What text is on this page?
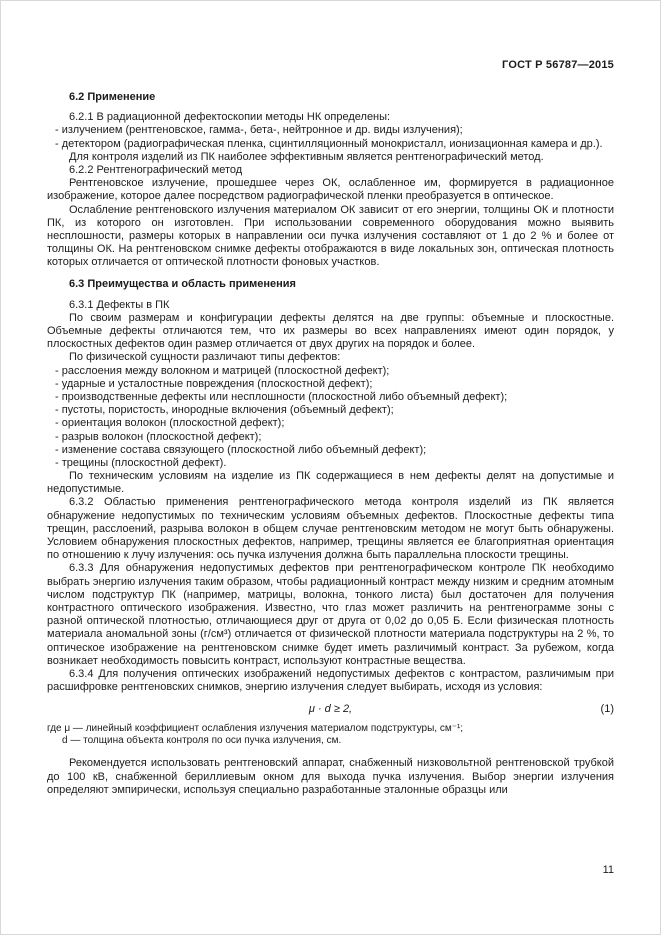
ГОСТ Р 56787—2015

6.2 Применение

6.2.1 В радиационной дефектоскопии методы НК определены:

- излучением (рентгеновское, гамма-, бета-, нейтронное и др. виды излучения);

- детектором (радиографическая пленка, сцинтилляционный монокристалл, ионизационная камера и др.).

Для контроля изделий из ПК наиболее эффективным является рентгенографический метод.

6.2.2 Рентгенографический метод

Рентгеновское излучение, прошедшее через ОК, ослабленное им, формируется в радиационное изображение, которое далее посредством радиографической пленки преобразуется в оптическое.

Ослабление рентгеновского излучения материалом ОК зависит от его энергии, толщины ОК и плотности ПК, из которого он изготовлен. При использовании современного оборудования можно выявить несплошности, размеры которых в направлении оси пучка излучения составляют от 1 до 2 % и более от толщины ОК. На рентгеновском снимке дефекты отображаются в виде локальных зон, оптическая плотность которых отличается от оптической плотности фоновых участков.

6.3 Преимущества и область применения

6.3.1 Дефекты в ПК

По своим размерам и конфигурации дефекты делятся на две группы: объемные и плоскостные. Объемные дефекты отличаются тем, что их размеры во всех направлениях имеют один порядок, у плоскостных дефектов один размер отличается от двух других на порядок и более.

По физической сущности различают типы дефектов:

- расслоения между волокном и матрицей (плоскостной дефект);

- ударные и усталостные повреждения (плоскостной дефект);

- производственные дефекты или несплошности (плоскостной либо объемный дефект);

- пустоты, пористость, инородные включения (объемный дефект);

- ориентация волокон (плоскостной дефект);

- разрыв волокон (плоскостной дефект);

- изменение состава связующего (плоскостной либо объемный дефект);

- трещины (плоскостной дефект).

По техническим условиям на изделие из ПК содержащиеся в нем дефекты делят на допустимые и недопустимые.

6.3.2 Областью применения рентгенографического метода контроля изделий из ПК является обнаружение недопустимых по техническим условиям объемных дефектов. Плоскостные дефекты типа трещин, расслоений, разрыва волокон в общем случае рентгеновским методом не могут быть обнаружены. Условием обнаружения плоскостных дефектов, например, трещины является ее благоприятная ориентация по отношению к лучу излучения: ось пучка излучения должна быть параллельна плоскости трещины.

6.3.3 Для обнаружения недопустимых дефектов при рентгенографическом контроле ПК необходимо выбрать энергию излучения таким образом, чтобы радиационный контраст между низким и средним атомным числом подструктур ПК (например, матрицы, волокна, тонкого листа) был достаточен для получения контрастного оптического изображения. Известно, что глаз может различить на рентгенограмме зоны с разной оптической плотностью, отличающиеся друг от друга от 0,02 до 0,05 Б. Если физическая плотность материала аномальной зоны (г/см³) отличается от физической плотности материала подструктуры на 2 %, то оптическое изображение на рентгеновском снимке будет иметь различимый контраст. За рубежом, когда возникает необходимость повысить контраст, используют контрастные вещества.

6.3.4 Для получения оптических изображений недопустимых дефектов с контрастом, различимым при расшифровке рентгеновских снимков, энергию излучения следует выбирать, исходя из условия:

μ · d ≥ 2,	(1)

где μ — линейный коэффициент ослабления излучения материалом подструктуры, см⁻¹;

d — толщина объекта контроля по оси пучка излучения, см.

Рекомендуется использовать рентгеновский аппарат, снабженный низковольтной рентгеновской трубкой до 100 кВ, снабженной бериллиевым окном для выхода пучка излучения. Выбор энергии излучения определяют эмпирически, используя специально разработанные эталонные образцы или

11
